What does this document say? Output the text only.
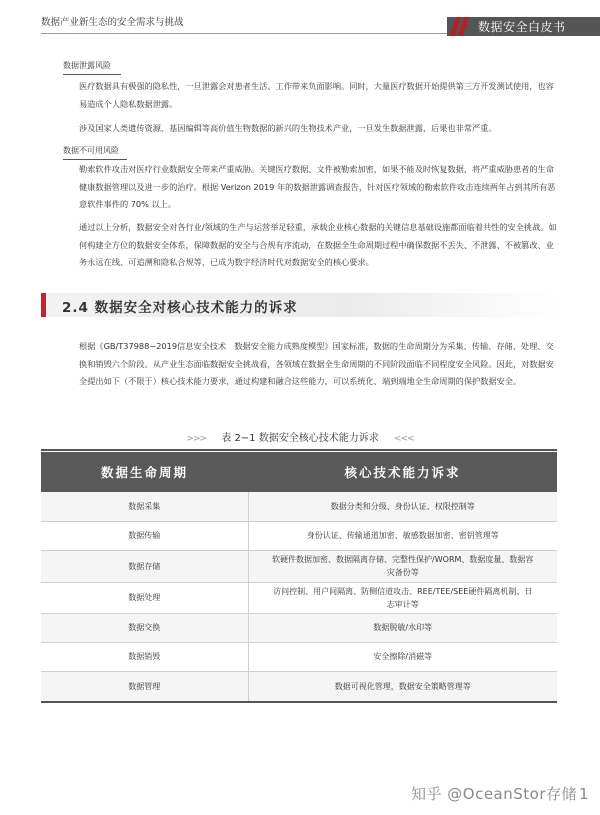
数据产业新生态的安全需求与挑战	数据安全白皮书
数据泄露风险
医疗数据具有极强的隐私性，一旦泄露会对患者生活、工作带来负面影响。同时，大量医疗数据开始提供第三方开发测试使用，也容易造成个人隐私数据泄露。
涉及国家人类遗传资源、基因编辑等高价值生物数据的新兴的生物技术产业，一旦发生数据泄露，后果也非常严重。
数据不可用风险
勒索软件攻击对医疗行业数据安全带来严重威胁。关键医疗数据、文件被勒索加密，如果不能及时恢复数据，将严重威胁患者的生命健康数据管理以及进一步的治疗。根据 Verizon 2019 年的数据泄露调查报告，针对医疗领域的勒索软件攻击连续两年占到其所有恶意软件事件的 70% 以上。
通过以上分析，数据安全对各行业/领域的生产与运营举足轻重，承载企业核心数据的关键信息基础设施都面临着共性的安全挑战。如何构建全方位的数据安全体系，保障数据的安全与合规有序流动，在数据全生命周期过程中确保数据不丢失、不泄露、不被篡改、业务永远在线、可追溯和隐私合规等，已成为数字经济时代对数据安全的核心要求。
2.4 数据安全对核心技术能力的诉求
根据《GB/T37988−2019信息安全技术　数据安全能力成熟度模型》国家标准，数据的生命周期分为采集、传输、存储、处理、交换和销毁六个阶段。从产业生态面临数据安全挑战看，各领域在数据全生命周期的不同阶段面临不同程度安全风险。因此，对数据安全提出如下（不限于）核心技术能力要求，通过构建和融合这些能力，可以系统化、端到端地全生命周期的保护数据安全。
>>> 表 2−1 数据安全核心技术能力诉求 <<<
数据生命周期	核心技术能力诉求
数据采集	数据分类和分级、身份认证、权限控制等
数据传输	身份认证、传输通道加密、敏感数据加密、密钥管理等
数据存储	软硬件数据加密、数据隔离存储、完整性保护/WORM、数据度量、数据容灾备份等
数据处理	访问控制、用户间隔离、防侧信道攻击、REE/TEE/SEE硬件隔离机制、日志审计等
数据交换	数据脱敏/水印等
数据销毁	安全擦除/消磁等
数据管理	数据可视化管理，数据安全策略管理等
知乎 @OceanStor存储 1
